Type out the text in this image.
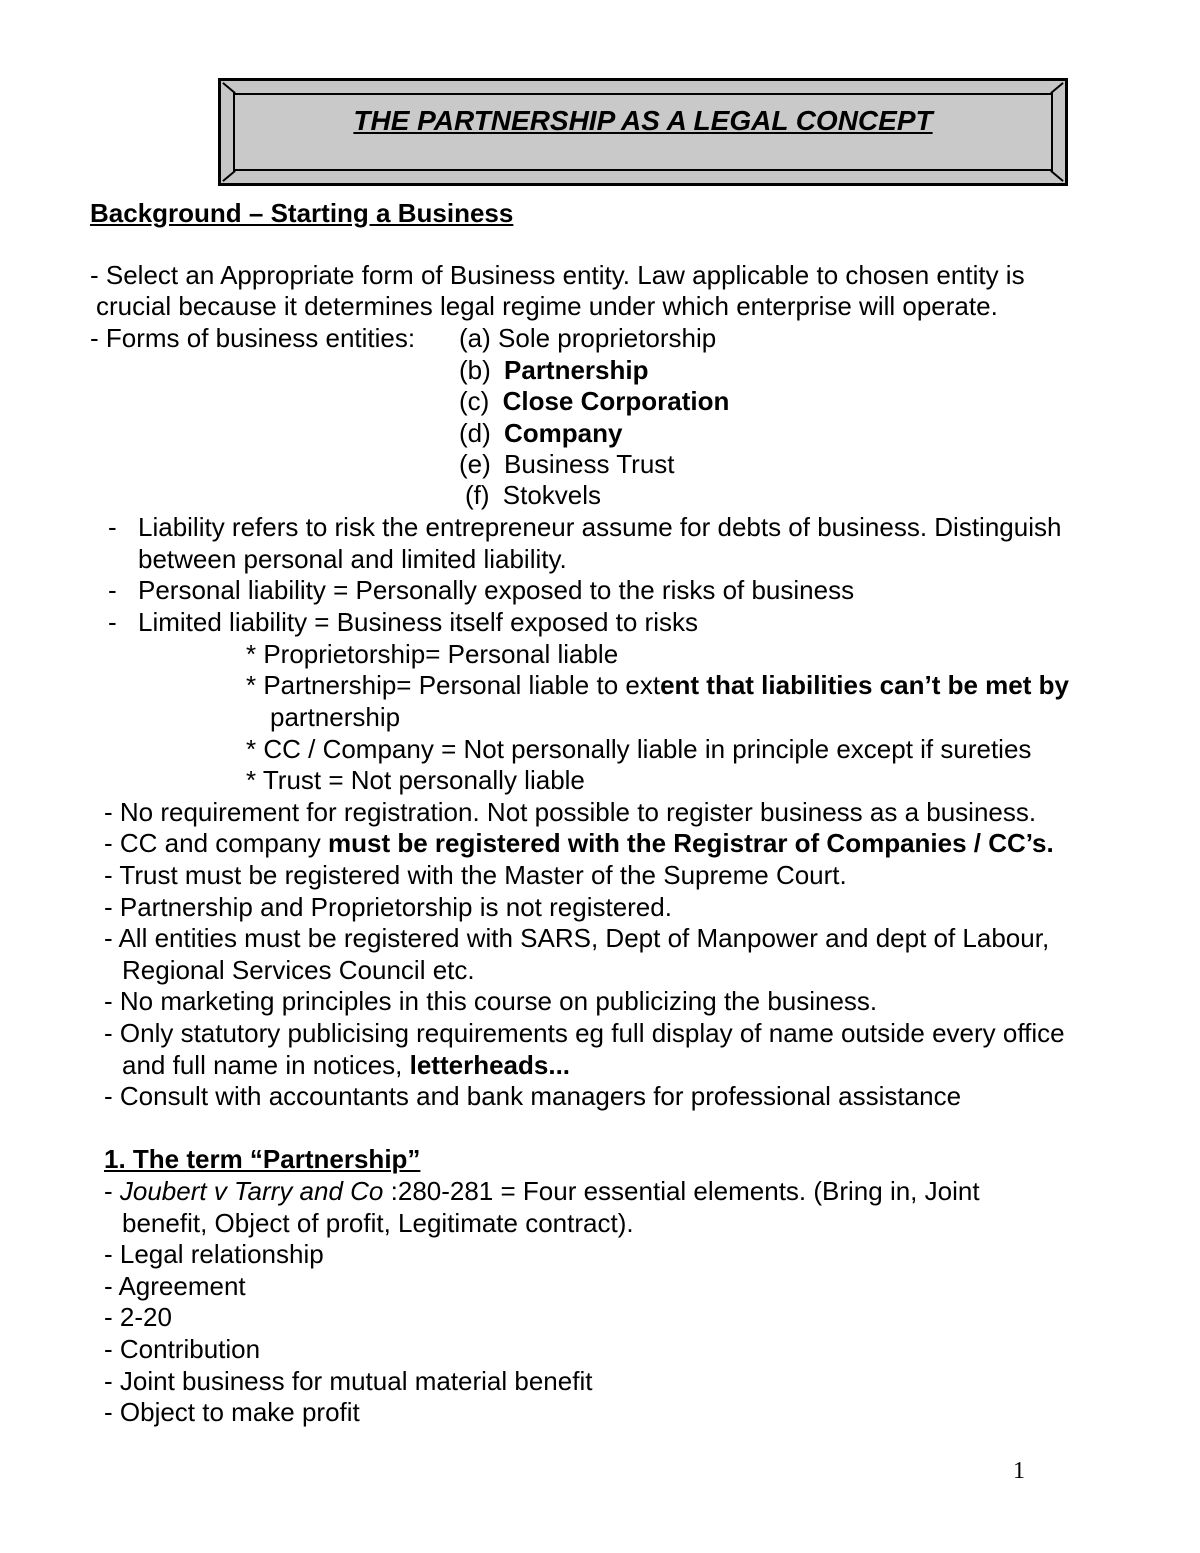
THE PARTNERSHIP AS A LEGAL CONCEPT
Background – Starting a Business
- Select an Appropriate form of Business entity. Law applicable to chosen entity is
crucial because it determines legal regime under which enterprise will operate.
- Forms of business entities: (a) Sole proprietorship
(b) Partnership
(c) Close Corporation
(d) Company
(e) Business Trust
(f) Stokvels
- Liability refers to risk the entrepreneur assume for debts of business. Distinguish
between personal and limited liability.
- Personal liability = Personally exposed to the risks of business
- Limited liability = Business itself exposed to risks
* Proprietorship= Personal liable
* Partnership= Personal liable to extent that liabilities can’t be met by
partnership
* CC / Company = Not personally liable in principle except if sureties
* Trust = Not personally liable
- No requirement for registration. Not possible to register business as a business.
- CC and company must be registered with the Registrar of Companies / CC’s.
- Trust must be registered with the Master of the Supreme Court.
- Partnership and Proprietorship is not registered.
- All entities must be registered with SARS, Dept of Manpower and dept of Labour,
Regional Services Council etc.
- No marketing principles in this course on publicizing the business.
- Only statutory publicising requirements eg full display of name outside every office
and full name in notices, letterheads...
- Consult with accountants and bank managers for professional assistance
1. The term “Partnership”
- Joubert v Tarry and Co :280-281 = Four essential elements. (Bring in, Joint
benefit, Object of profit, Legitimate contract).
- Legal relationship
- Agreement
- 2-20
- Contribution
- Joint business for mutual material benefit
- Object to make profit
1
